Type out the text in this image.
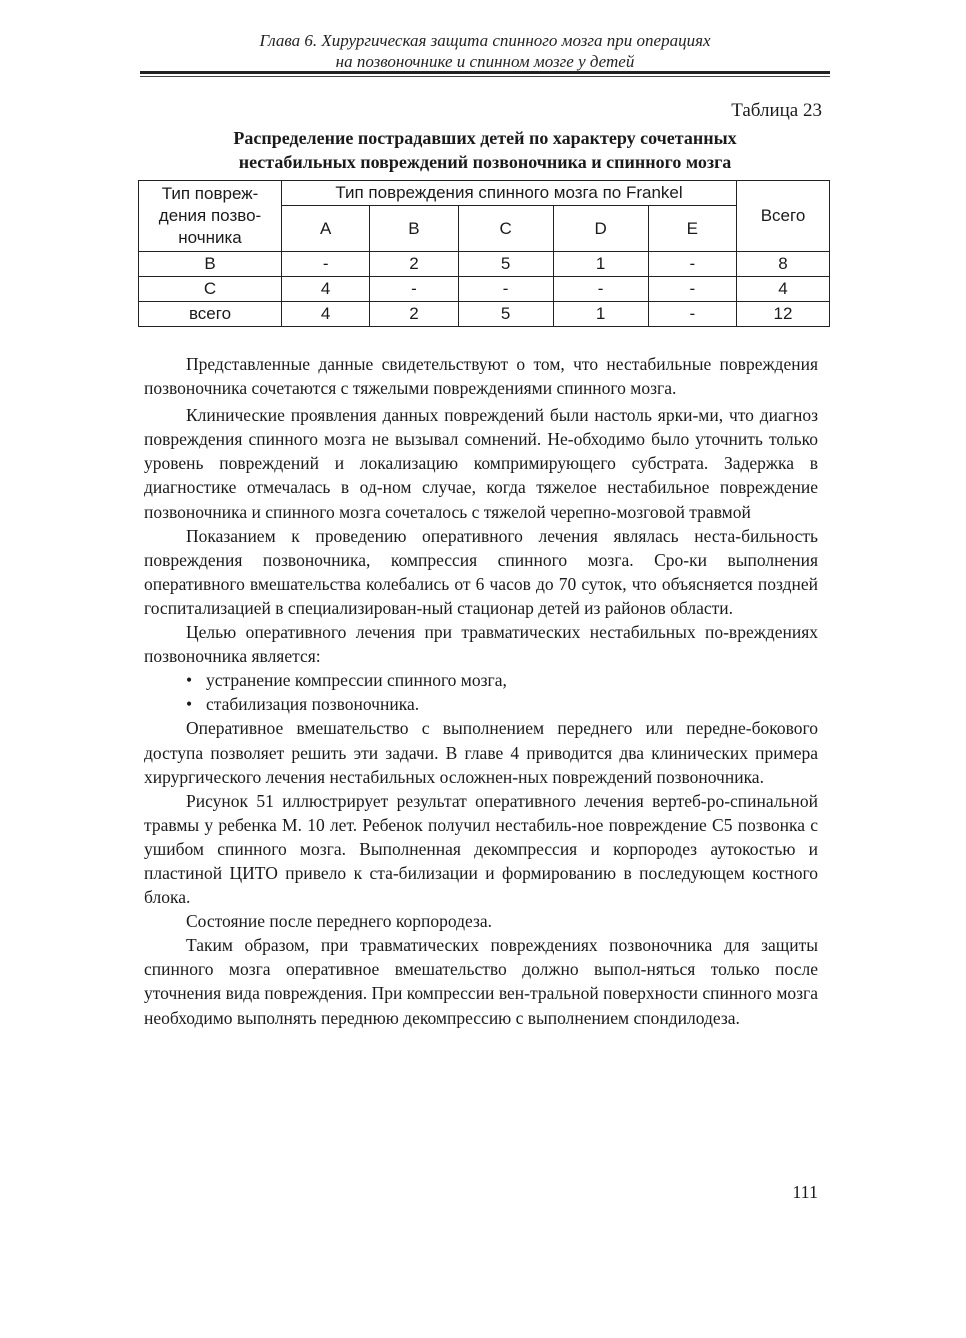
Глава 6. Хирургическая защита спинного мозга при операциях
на позвоночнике и спинном мозге у детей
Таблица 23
Распределение пострадавших детей по характеру сочетанных
нестабильных повреждений позвоночника и спинного мозга
Тип повреж-
дения позво-
ночника	Тип повреждения спинного мозга по Frankel					Всего
	A	B	C	D	E	
B	-	2	5	1	-	8
C	4	-	-	-	-	4
всего	4	2	5	1	-	12

Представленные данные свидетельствуют о том, что нестабильные повреждения позвоночника сочетаются с тяжелыми повреждениями спинного мозга.

Клинические проявления данных повреждений были настоль ярки-ми, что диагноз повреждения спинного мозга не вызывал сомнений. Не-обходимо было уточнить только уровень повреждений и локализацию компримирующего субстрата. Задержка в диагностике отмечалась в од-ном случае, когда тяжелое нестабильное повреждение позвоночника и спинного мозга сочеталось с тяжелой черепно-мозговой травмой

Показанием к проведению оперативного лечения являлась неста-бильность повреждения позвоночника, компрессия спинного мозга. Сро-ки выполнения оперативного вмешательства колебались от 6 часов до 70 суток, что объясняется поздней госпитализацией в специализирован-ный стационар детей из районов области.

Целью оперативного лечения при травматических нестабильных по-вреждениях позвоночника является:

• устранение компрессии спинного мозга,
• стабилизация позвоночника.

Оперативное вмешательство с выполнением переднего или передне-бокового доступа позволяет решить эти задачи. В главе 4 приводится два клинических примера хирургического лечения нестабильных осложнен-ных повреждений позвоночника.

Рисунок 51 иллюстрирует результат оперативного лечения вертеб-ро-спинальной травмы у ребенка М. 10 лет. Ребенок получил нестабиль-ное повреждение С5 позвонка с ушибом спинного мозга. Выполненная декомпрессия и корпородез аутокостью и пластиной ЦИТО привело к ста-билизации и формированию в последующем костного блока.

Состояние после переднего корпородеза.

Таким образом, при травматических повреждениях позвоночника для защиты спинного мозга оперативное вмешательство должно выпол-няться только после уточнения вида повреждения. При компрессии вен-тральной поверхности спинного мозга необходимо выполнять переднюю декомпрессию с выполнением спондилодеза.

111
